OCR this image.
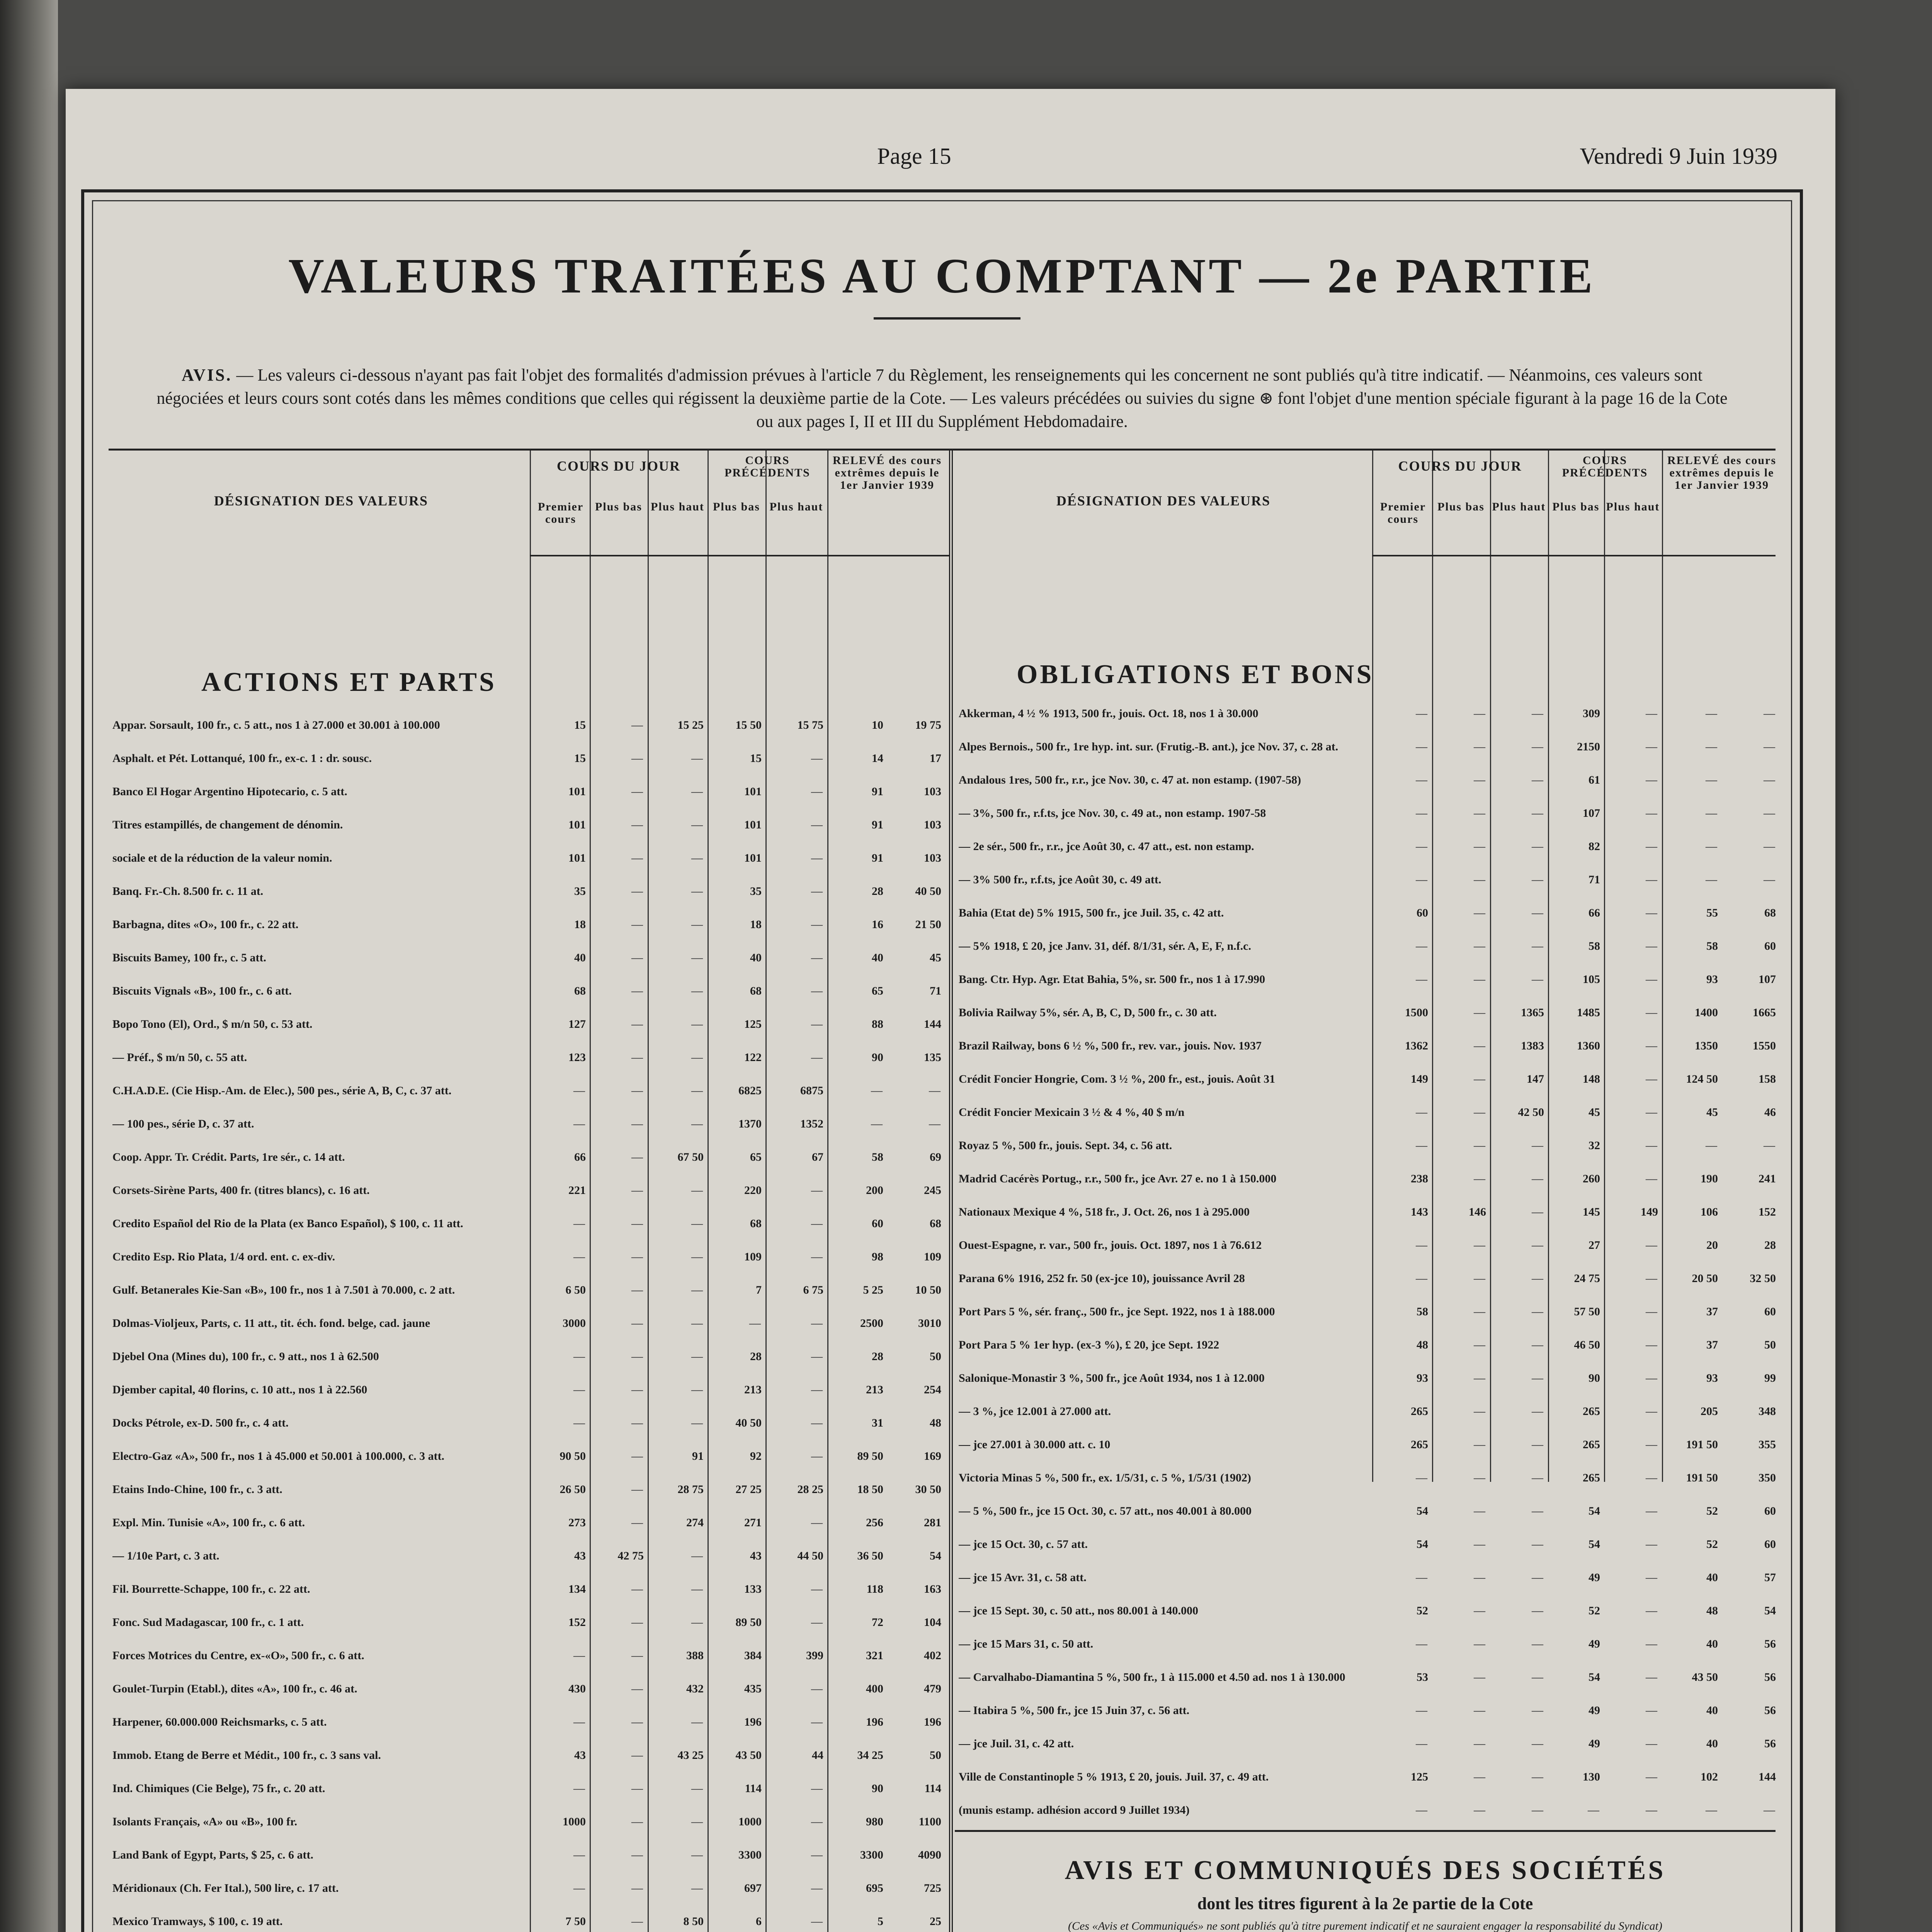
Page 15	Vendredi 9 Juin 1939
VALEURS TRAITÉES AU COMPTANT — 2e PARTIE
AVIS. — Les valeurs ci-dessous n'ayant pas fait l'objet des formalités d'admission prévues à l'article 7 du Règlement, les renseignements qui les concernent ne sont publiés qu'à titre indicatif. — Néanmoins, ces valeurs sont négociées et leurs cours sont cotés dans les mêmes conditions que celles qui régissent la deuxième partie de la Cote. — Les valeurs précédées ou suivies du signe ⊛ font l'objet d'une mention spéciale figurant à la page 16 de la Cote ou aux pages I, II et III du Supplément Hebdomadaire.
DÉSIGNATION DES VALEURS
COURS DU JOUR	COURS PRÉCÉDENTS
RELEVÉ des cours extrêmes depuis le 1er Janvier 1939
Premier cours
Plus bas Plus haut Plus bas Plus haut
ACTIONS ET PARTS
Appar. Sorsault, 100 fr., c. 5 att., nos 1 à 27.000 et 30.001 à 100.000	15	—	15 25	15 50	15 75	10	19 75
Asphalt. et Pét. Lottanqué, 100 fr., ex-c. 1 : dr. sousc.	15	—	—	15	—	14	17
Banco El Hogar Argentino Hipotecario, c. 5 att.	101	—	—	101	—	91	103
Titres estampillés, de changement de dénomin.	101	—	—	101	—	91	103
sociale et de la réduction de la valeur nomin.	101	—	—	101	—	91	103
Banq. Fr.-Ch. 8.500 fr. c. 11 at.	35	—	—	35	—	28	40 50
Barbagna, dites «O», 100 fr., c. 22 att.	18	—	—	18	—	16	21 50
Biscuits Bamey, 100 fr., c. 5 att.	40	—	—	40	—	40	45
Biscuits Vignals «B», 100 fr., c. 6 att.	68	—	—	68	—	65	71
Bopo Tono (El), Ord., $ m/n 50, c. 53 att.	127	—	—	125	—	88	144
— Préf., $ m/n 50, c. 55 att.	123	—	—	122	—	90	135
C.H.A.D.E. (Cie Hisp.-Am. de Elec.), 500 pes., série A, B, C, c. 37 att.	—	—	—	6825	6875	—	—
— 100 pes., série D, c. 37 att.	—	—	—	1370	1352	—	—
Coop. Appr. Tr. Crédit. Parts, 1re sér., c. 14 att.	66	—	67 50	65	67	58	69
Corsets-Sirène Parts, 400 fr. (titres blancs), c. 16 att.	221	—	—	220	—	200	245
Credito Español del Rio de la Plata (ex Banco Español), $ 100, c. 11 att.	—	—	—	68	—	60	68
Credito Esp. Rio Plata, 1/4 ord. ent. c. ex-div.	—	—	—	109	—	98	109
Gulf. Betanerales Kie-San «B», 100 fr., nos 1 à 7.501 à 70.000, c. 2 att.	6 50	—	—	7	6 75	5 25	10 50
Dolmas-Violjeux, Parts, c. 11 att., tit. éch. fond. belge, cad. jaune	3000	—	—	—	—	2500	3010
Djebel Ona (Mines du), 100 fr., c. 9 att., nos 1 à 62.500	—	—	—	28	—	28	50
Djember capital, 40 florins, c. 10 att., nos 1 à 22.560	—	—	—	213	—	213	254
Docks Pétrole, ex-D. 500 fr., c. 4 att.	—	—	—	40 50	—	31	48
Electro-Gaz «A», 500 fr., nos 1 à 45.000 et 50.001 à 100.000, c. 3 att.	90 50	—	91	92	—	89 50	169
Etains Indo-Chine, 100 fr., c. 3 att.	26 50	—	28 75	27 25	28 25	18 50	30 50
Expl. Min. Tunisie «A», 100 fr., c. 6 att.	273	—	274	271	—	256	281
— 1/10e Part, c. 3 att.	43	42 75	—	43	44 50	36 50	54
Fil. Bourrette-Schappe, 100 fr., c. 22 att.	134	—	—	133	—	118	163
Fonc. Sud Madagascar, 100 fr., c. 1 att.	152	—	—	89 50	—	72	104
Forces Motrices du Centre, ex-«O», 500 fr., c. 6 att.	—	—	388	384	399	321	402
Goulet-Turpin (Etabl.), dites «A», 100 fr., c. 46 at.	430	—	432	435	—	400	479
Harpener, 60.000.000 Reichsmarks, c. 5 att.	—	—	—	196	—	196	196
Immob. Etang de Berre et Médit., 100 fr., c. 3 sans val.	43	—	43 25	43 50	44	34 25	50
Ind. Chimiques (Cie Belge), 75 fr., c. 20 att.	—	—	—	114	—	90	114
Isolants Français, «A» ou «B», 100 fr.	1000	—	—	1000	—	980	1100
Land Bank of Egypt, Parts, $ 25, c. 6 att.	—	—	—	3300	—	3300	4090
Méridionaux (Ch. Fer Ital.), 500 lire, c. 17 att.	—	—	—	697	—	695	725
Mexico Tramways, $ 100, c. 19 att.	7 50	—	8 50	6	—	5	25
DÉSIGNATION DES VALEURS
COURS DU JOUR	COURS PRÉCÉDENTS
RELEVÉ des cours extrêmes depuis le 1er Janvier 1939
Premier cours
Plus bas Plus haut Plus bas Plus haut
OBLIGATIONS ET BONS
Akkerman, 4 ½ % 1913, 500 fr., jouis. Oct. 18, nos 1 à 30.000	—	—	—	309	—	—	—
Alpes Bernois., 500 fr., 1re hyp. int. sur. (Frutig.-B. ant.), jce Nov. 37, c. 28 at.	—	—	—	2150	—	—	—
Andalous 1res, 500 fr., r.r., jce Nov. 30, c. 47 at. non estamp. (1907-58)	—	—	—	61	—	—	—
— 3%, 500 fr., r.f.ts, jce Nov. 30, c. 49 at., non estamp. 1907-58	—	—	—	107	—	—	—
— 2e sér., 500 fr., r.r., jce Août 30, c. 47 att., est. non estamp.	—	—	—	82	—	—	—
— 3% 500 fr., r.f.ts, jce Août 30, c. 49 att.	—	—	—	71	—	—	—
Bahia (Etat de) 5% 1915, 500 fr., jce Juil. 35, c. 42 att.	60	—	—	66	—	55	68
— 5% 1918, £ 20, jce Janv. 31, déf. 8/1/31, sér. A, E, F, n.f.c.	—	—	—	58	—	58	60
Bang. Ctr. Hyp. Agr. Etat Bahia, 5%, sr. 500 fr., nos 1 à 17.990	—	—	—	105	—	93	107
Bolivia Railway 5%, sér. A, B, C, D, 500 fr., c. 30 att.	1500	—	1365	1485	—	1400	1665
Brazil Railway, bons 6 ½ %, 500 fr., rev. var., jouis. Nov. 1937	1362	—	1383	1360	—	1350	1550
Crédit Foncier Hongrie, Com. 3 ½ %, 200 fr., est., jouis. Août 31	149	—	147	148	—	124 50	158
Crédit Foncier Mexicain 3 ½ & 4 %, 40 $ m/n	—	—	42 50	45	—	45	46
Royaz 5 %, 500 fr., jouis. Sept. 34, c. 56 att.	—	—	—	32	—	—	—
Madrid Cacérès Portug., r.r., 500 fr., jce Avr. 27 e. no 1 à 150.000	238	—	—	260	—	190	241
Nationaux Mexique 4 %, 518 fr., J. Oct. 26, nos 1 à 295.000	143	146	—	145	149	106	152
Ouest-Espagne, r. var., 500 fr., jouis. Oct. 1897, nos 1 à 76.612	—	—	—	27	—	20	28
Parana 6% 1916, 252 fr. 50 (ex-jce 10), jouissance Avril 28	—	—	—	24 75	—	20 50	32 50
Port Pars 5 %, sér. franç., 500 fr., jce Sept. 1922, nos 1 à 188.000	58	—	—	57 50	—	37	60
Port Para 5 % 1er hyp. (ex-3 %), £ 20, jce Sept. 1922	48	—	—	46 50	—	37	50
Salonique-Monastir 3 %, 500 fr., jce Août 1934, nos 1 à 12.000	93	—	—	90	—	93	99
— 3 %, jce 12.001 à 27.000 att.	265	—	—	265	—	205	348
— jce 27.001 à 30.000 att. c. 10	265	—	—	265	—	191 50	355
Victoria Minas 5 %, 500 fr., ex. 1/5/31, c. 5 %, 1/5/31 (1902)	—	—	—	265	—	191 50	350
— 5 %, 500 fr., jce 15 Oct. 30, c. 57 att., nos 40.001 à 80.000	54	—	—	54	—	52	60
— jce 15 Oct. 30, c. 57 att.	54	—	—	54	—	52	60
— jce 15 Avr. 31, c. 58 att.	—	—	—	49	—	40	57
— jce 15 Sept. 30, c. 50 att., nos 80.001 à 140.000	52	—	—	52	—	48	54
— jce 15 Mars 31, c. 50 att.	—	—	—	49	—	40	56
— Carvalhabo-Diamantina 5 %, 500 fr., 1 à 115.000 et 4.50 ad. nos 1 à 130.000	53	—	—	54	—	43 50	56
— Itabira 5 %, 500 fr., jce 15 Juin 37, c. 56 att.	—	—	—	49	—	40	56
— jce Juil. 31, c. 42 att.	—	—	—	49	—	40	56
Ville de Constantinople 5 % 1913, £ 20, jouis. Juil. 37, c. 49 att.	125	—	—	130	—	102	144
(munis estamp. adhésion accord 9 Juillet 1934)	—	—	—	—	—	—	—
AVIS ET COMMUNIQUÉS DES SOCIÉTÉS
dont les titres figurent à la 2e partie de la Cote
(Ces «Avis et Communiqués» ne sont publiés qu'à titre purement indicatif et ne sauraient engager la responsabilité du Syndicat)
